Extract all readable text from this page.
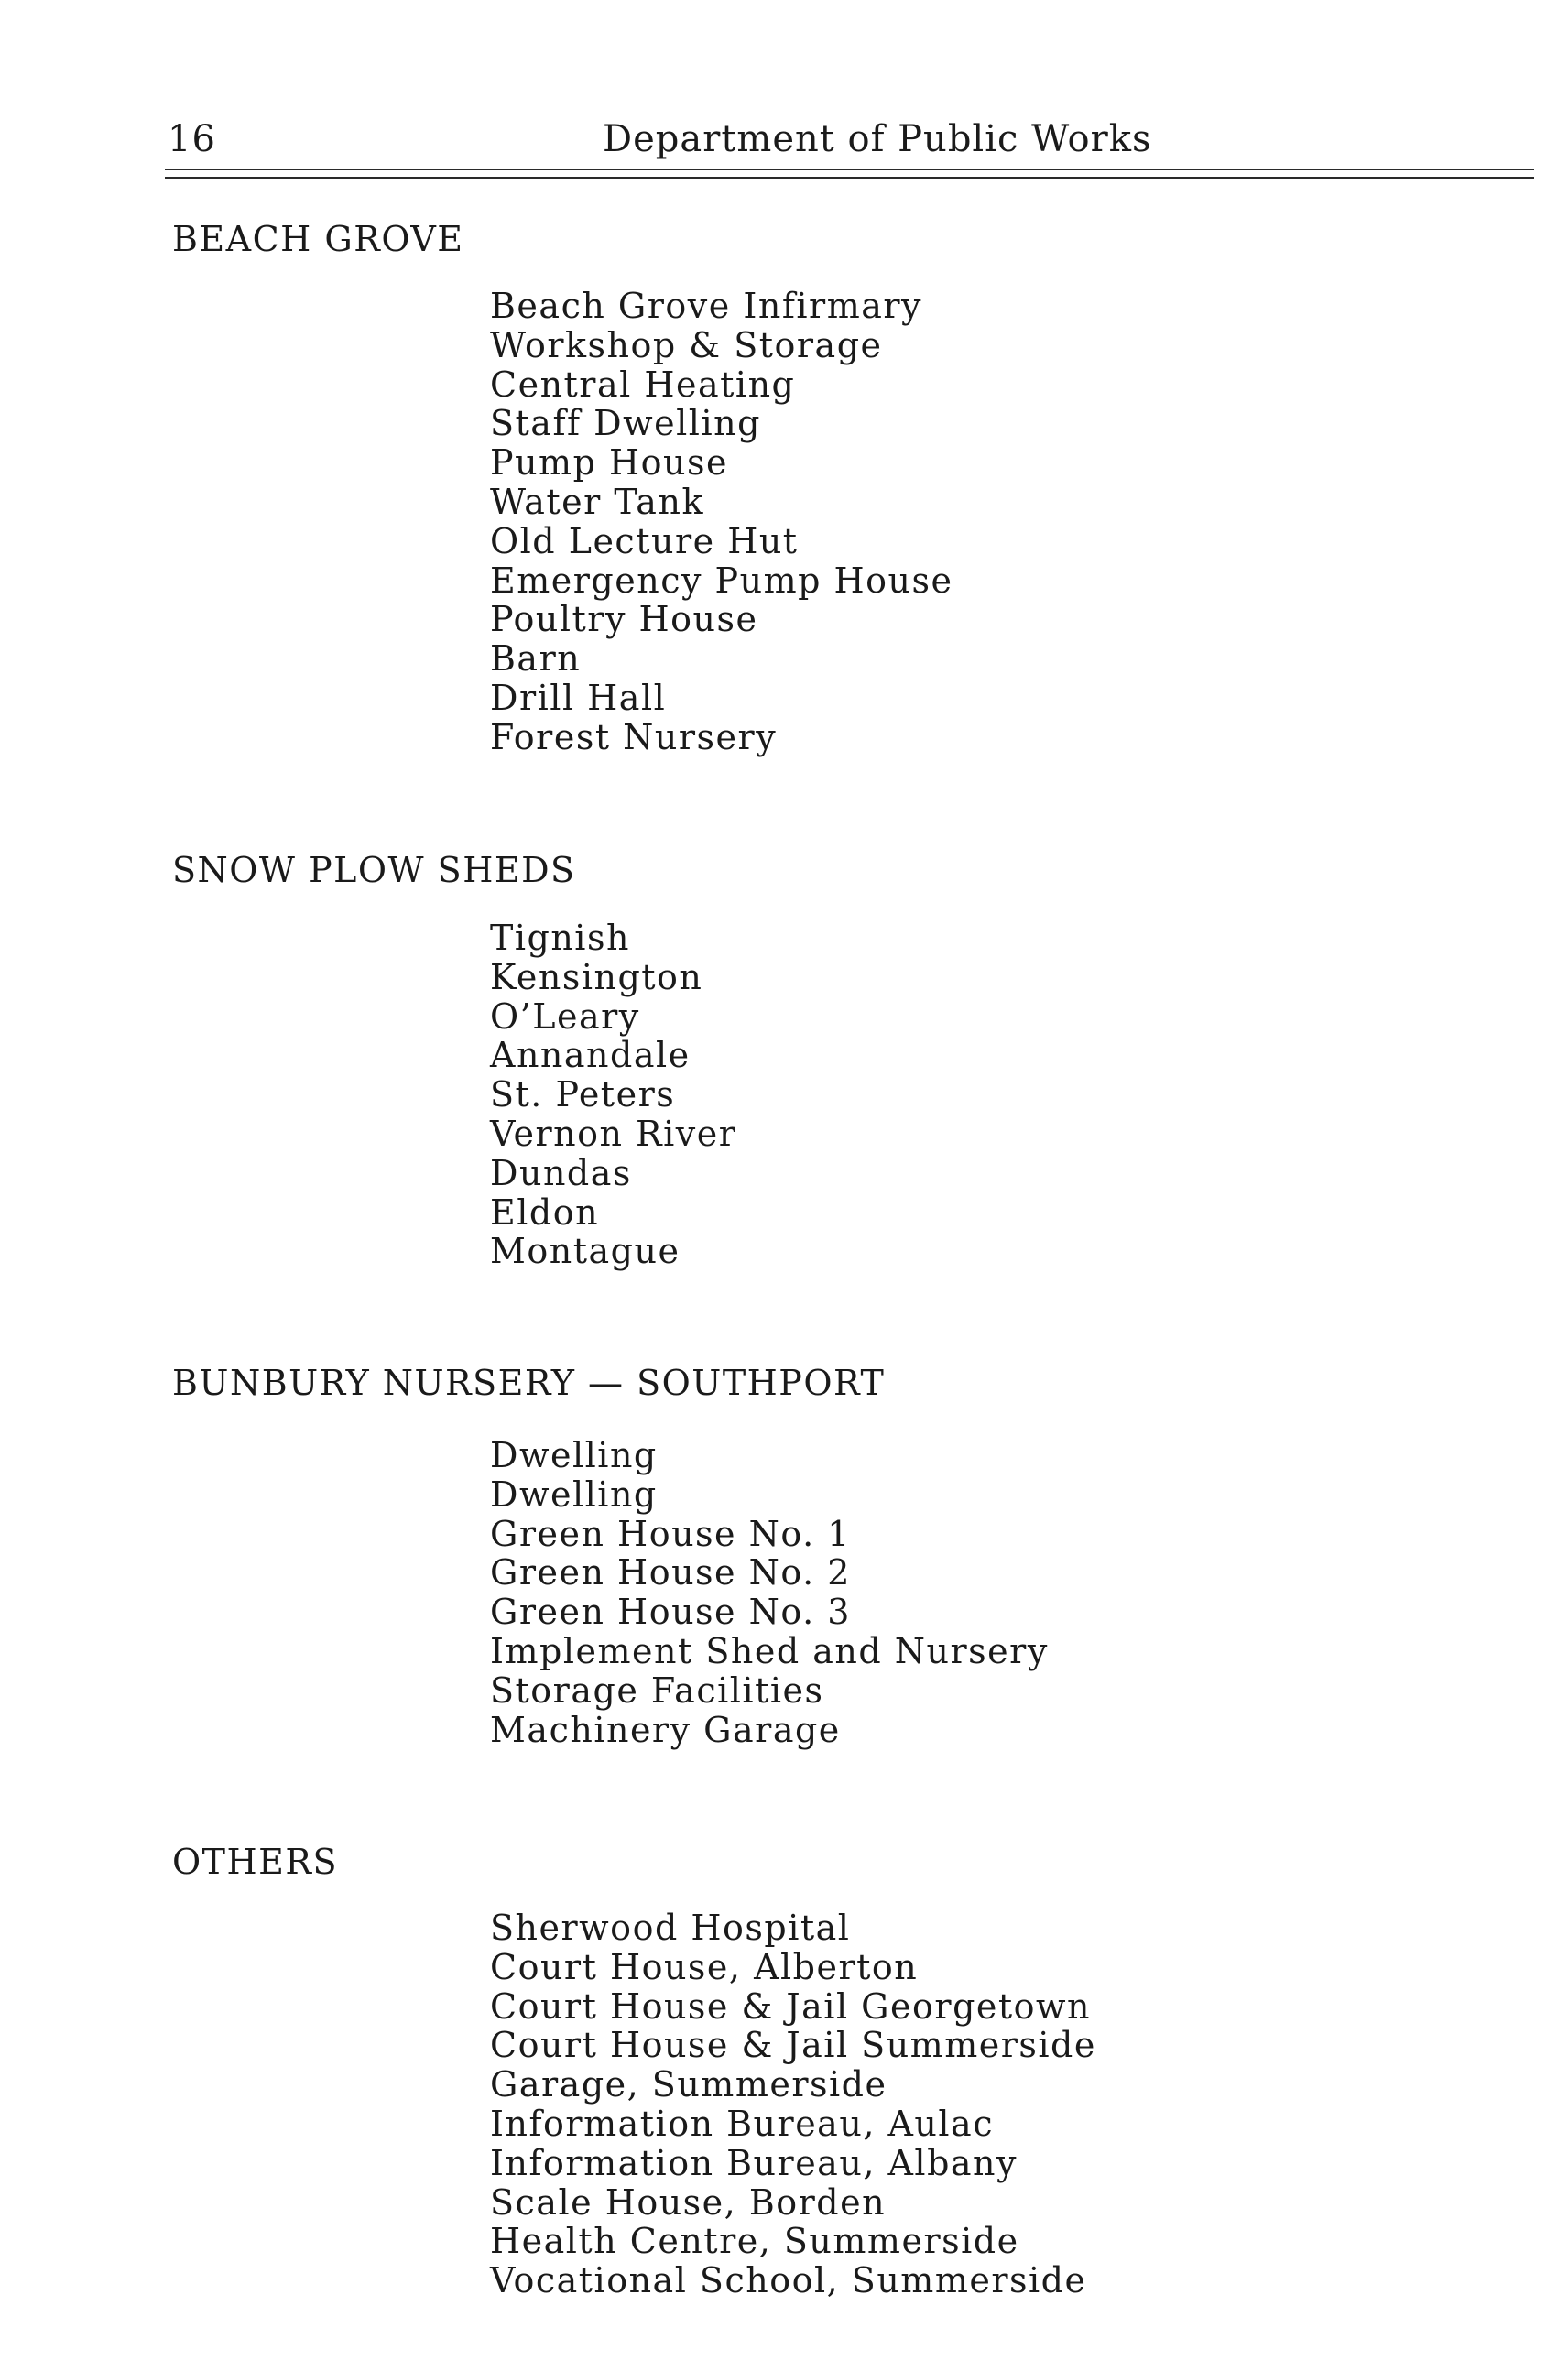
16	Department of Public Works
BEACH GROVE
Beach Grove Infirmary
Workshop & Storage
Central Heating
Staff Dwelling
Pump House
Water Tank
Old Lecture Hut
Emergency Pump House
Poultry House
Barn
Drill Hall
Forest Nursery
SNOW PLOW SHEDS
Tignish
Kensington
O’Leary
Annandale
St. Peters
Vernon River
Dundas
Eldon
Montague
BUNBURY NURSERY — SOUTHPORT
Dwelling
Dwelling
Green House No. 1
Green House No. 2
Green House No. 3
Implement Shed and Nursery
Storage Facilities
Machinery Garage
OTHERS
Sherwood Hospital
Court House, Alberton
Court House & Jail Georgetown
Court House & Jail Summerside
Garage, Summerside
Information Bureau, Aulac
Information Bureau, Albany
Scale House, Borden
Health Centre, Summerside
Vocational School, Summerside
